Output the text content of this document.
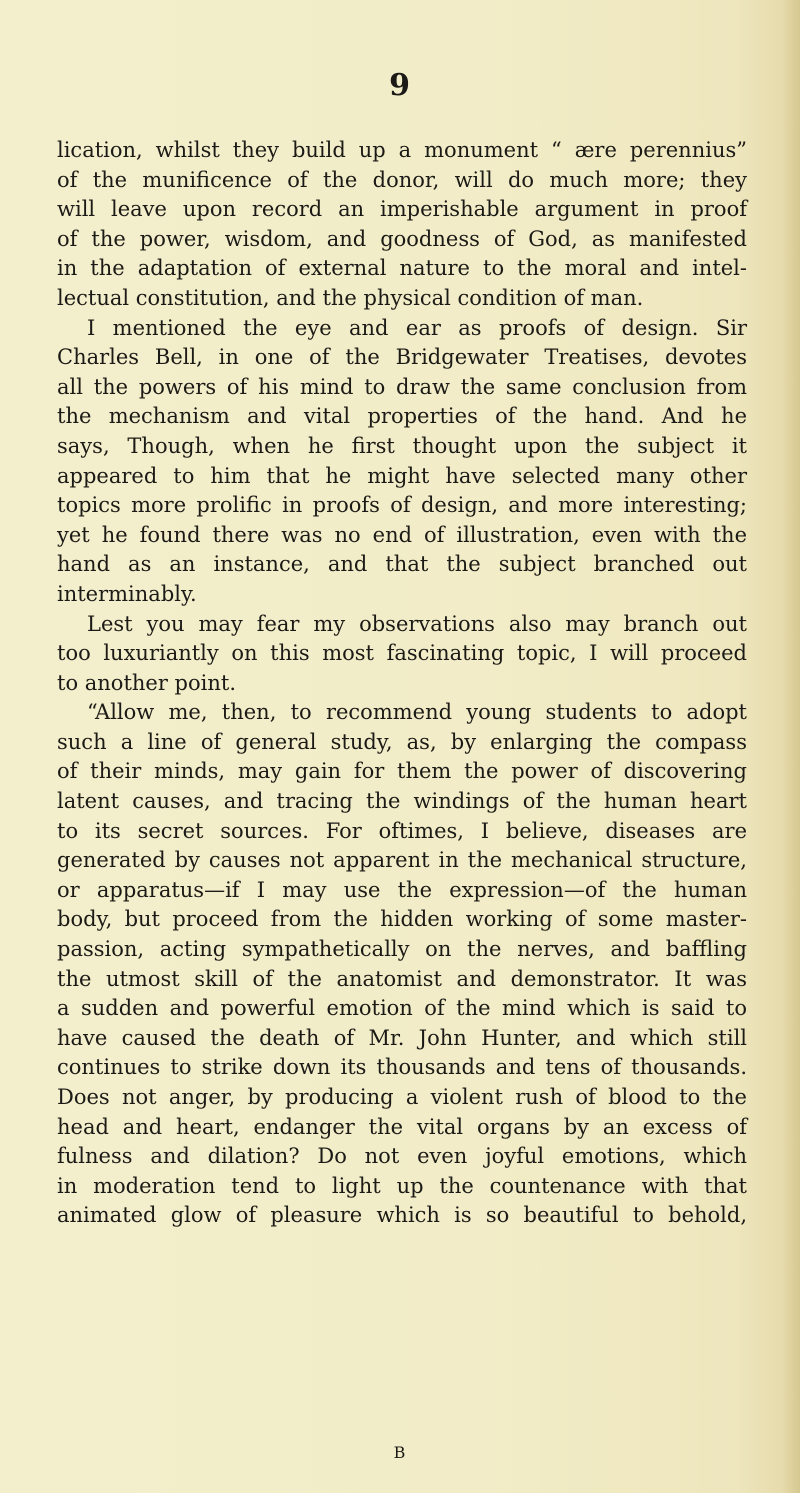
9
lication, whilst they build up a monument “ ære perennius”
of the munificence of the donor, will do much more; they
will leave upon record an imperishable argument in proof
of the power, wisdom, and goodness of God, as manifested
in the adaptation of external nature to the moral and intel-
lectual constitution, and the physical condition of man.
I mentioned the eye and ear as proofs of design. Sir
Charles Bell, in one of the Bridgewater Treatises, devotes
all the powers of his mind to draw the same conclusion from
the mechanism and vital properties of the hand. And he
says, Though, when he first thought upon the subject it
appeared to him that he might have selected many other
topics more prolific in proofs of design, and more interesting;
yet he found there was no end of illustration, even with the
hand as an instance, and that the subject branched out
interminably.
Lest you may fear my observations also may branch out
too luxuriantly on this most fascinating topic, I will proceed
to another point.
“Allow me, then, to recommend young students to adopt
such a line of general study, as, by enlarging the compass
of their minds, may gain for them the power of discovering
latent causes, and tracing the windings of the human heart
to its secret sources. For oftimes, I believe, diseases are
generated by causes not apparent in the mechanical structure,
or apparatus—if I may use the expression—of the human
body, but proceed from the hidden working of some master-
passion, acting sympathetically on the nerves, and baffling
the utmost skill of the anatomist and demonstrator. It was
a sudden and powerful emotion of the mind which is said to
have caused the death of Mr. John Hunter, and which still
continues to strike down its thousands and tens of thousands.
Does not anger, by producing a violent rush of blood to the
head and heart, endanger the vital organs by an excess of
fulness and dilation? Do not even joyful emotions, which
in moderation tend to light up the countenance with that
animated glow of pleasure which is so beautiful to behold,
B
